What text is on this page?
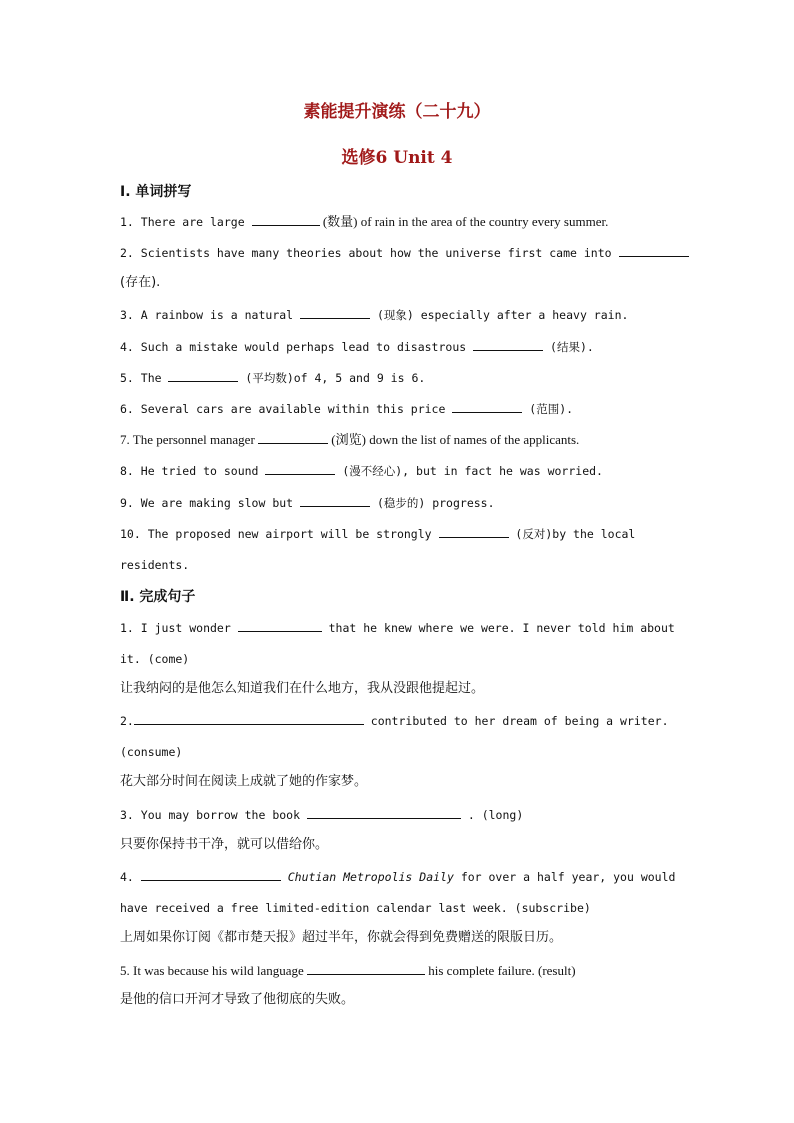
素能提升演练（二十九）
选修6 Unit 4
Ⅰ. 单词拼写
1. There are large	(数量) of rain in the area of the country every summer.
2. Scientists have many theories about how the universe first came into
(存在).
3. A rainbow is a natural	(现象) especially after a heavy rain.
4. Such a mistake would perhaps lead to disastrous	(结果).
5. The	(平均数)of 4, 5 and 9 is 6.
6. Several cars are available within this price	(范围).
7. The personnel manager	(浏览) down the list of names of the applicants.
8. He tried to sound	(漫不经心), but in fact he was worried.
9. We are making slow but	(稳步的) progress.
10. The proposed new airport will be strongly	(反对)by the local
residents.
Ⅱ. 完成句子
1. I just wonder	that he knew where we were. I never told him about
it. (come)
让我纳闷的是他怎么知道我们在什么地方，我从没跟他提起过。
2.	contributed to her dream of being a writer.
(consume)
花大部分时间在阅读上成就了她的作家梦。
3. You may borrow the book	. (long)
只要你保持书干净，就可以借给你。
4.	Chutian Metropolis Daily for over a half year, you would
have received a free limited-edition calendar last week. (subscribe)
上周如果你订阅《都市楚天报》超过半年，你就会得到免费赠送的限版日历。
5. It was because his wild language	his complete failure. (result)
是他的信口开河才导致了他彻底的失败。
